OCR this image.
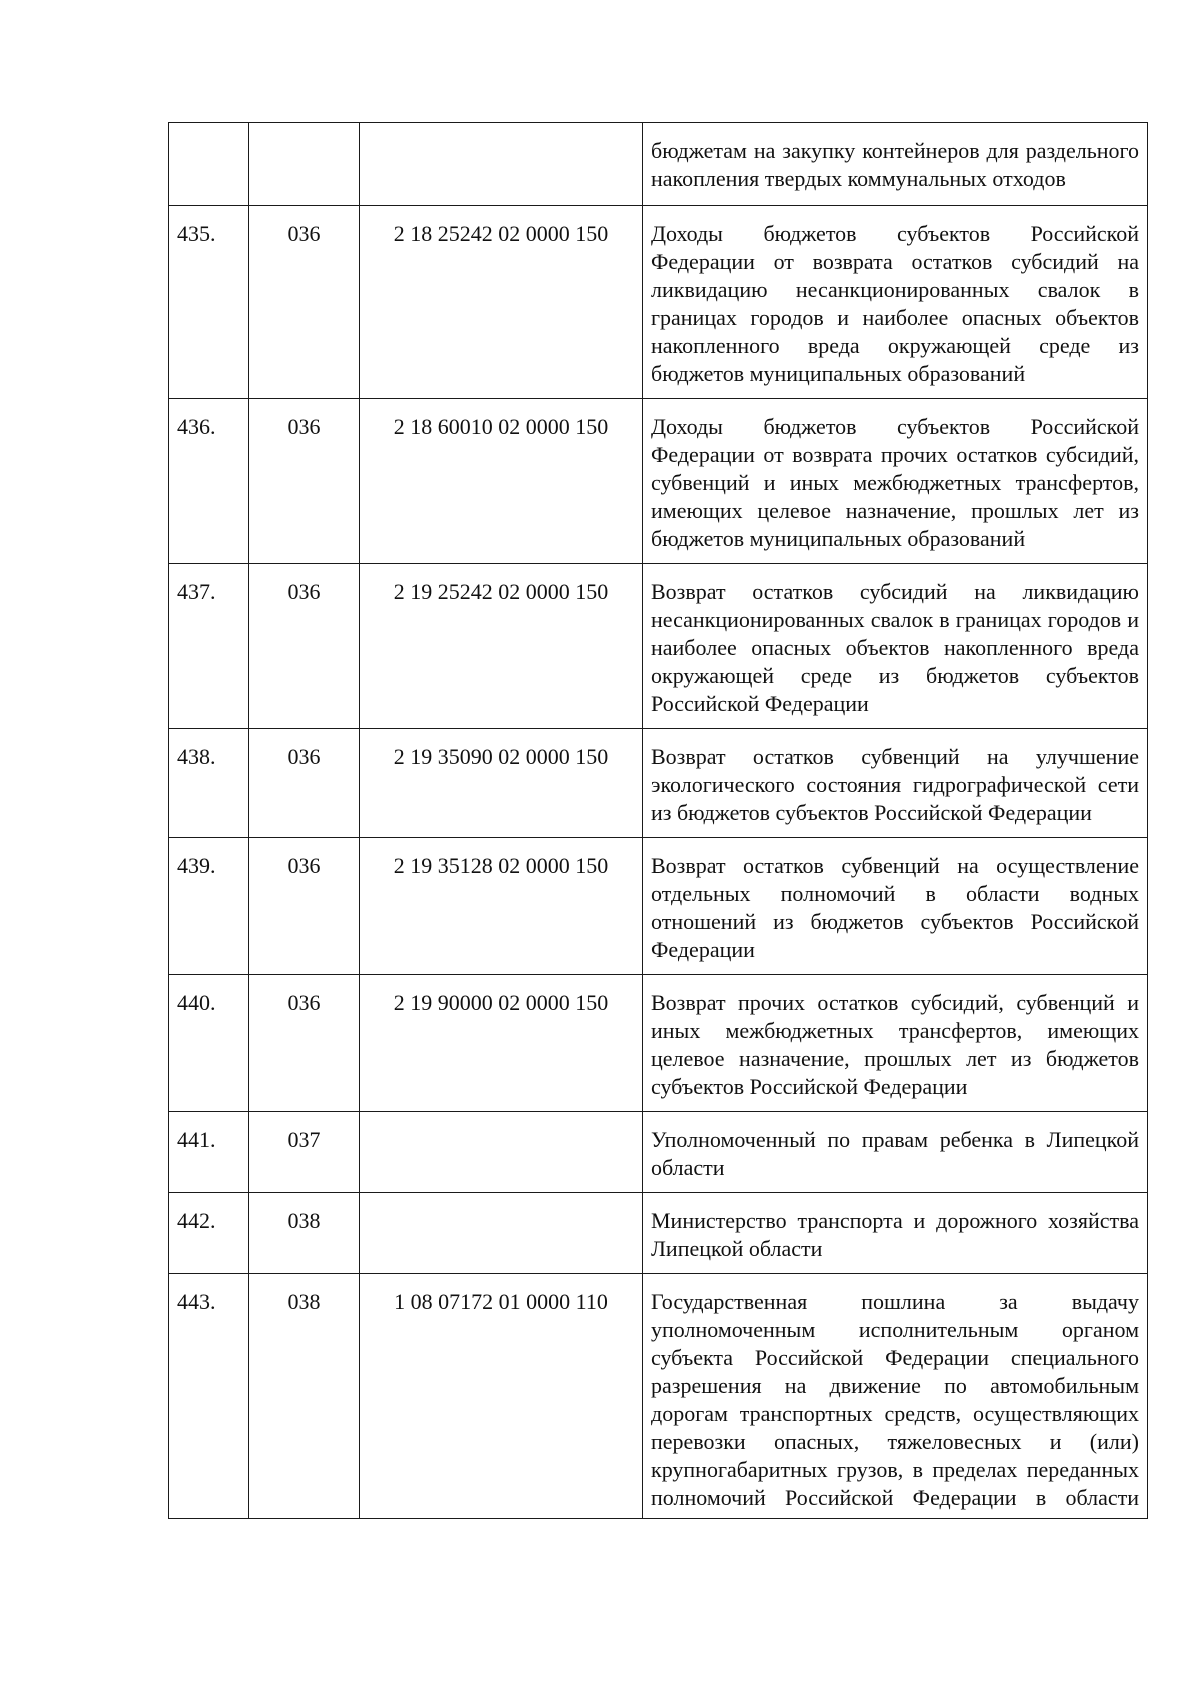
			бюджетам на закупку контейнеров для раздельного накопления твердых коммунальных отходов
435.	036	2 18 25242 02 0000 150	Доходы бюджетов субъектов Российской Федерации от возврата остатков субсидий на ликвидацию несанкционированных свалок в границах городов и наиболее опасных объектов накопленного вреда окружающей среде из бюджетов муниципальных образований
436.	036	2 18 60010 02 0000 150	Доходы бюджетов субъектов Российской Федерации от возврата прочих остатков субсидий, субвенций и иных межбюджетных трансфертов, имеющих целевое назначение, прошлых лет из бюджетов муниципальных образований
437.	036	2 19 25242 02 0000 150	Возврат остатков субсидий на ликвидацию несанкционированных свалок в границах городов и наиболее опасных объектов накопленного вреда окружающей среде из бюджетов субъектов Российской Федерации
438.	036	2 19 35090 02 0000 150	Возврат остатков субвенций на улучшение экологического состояния гидрографической сети из бюджетов субъектов Российской Федерации
439.	036	2 19 35128 02 0000 150	Возврат остатков субвенций на осуществление отдельных полномочий в области водных отношений из бюджетов субъектов Российской Федерации
440.	036	2 19 90000 02 0000 150	Возврат прочих остатков субсидий, субвенций и иных межбюджетных трансфертов, имеющих целевое назначение, прошлых лет из бюджетов субъектов Российской Федерации
441.	037		Уполномоченный по правам ребенка в Липецкой области
442.	038		Министерство транспорта и дорожного хозяйства Липецкой области
443.	038	1 08 07172 01 0000 110	Государственная пошлина за выдачу уполномоченным исполнительным органом субъекта Российской Федерации специального разрешения на движение по автомобильным дорогам транспортных средств, осуществляющих перевозки опасных, тяжеловесных и (или) крупногабаритных грузов, в пределах переданных полномочий Российской Федерации в области
